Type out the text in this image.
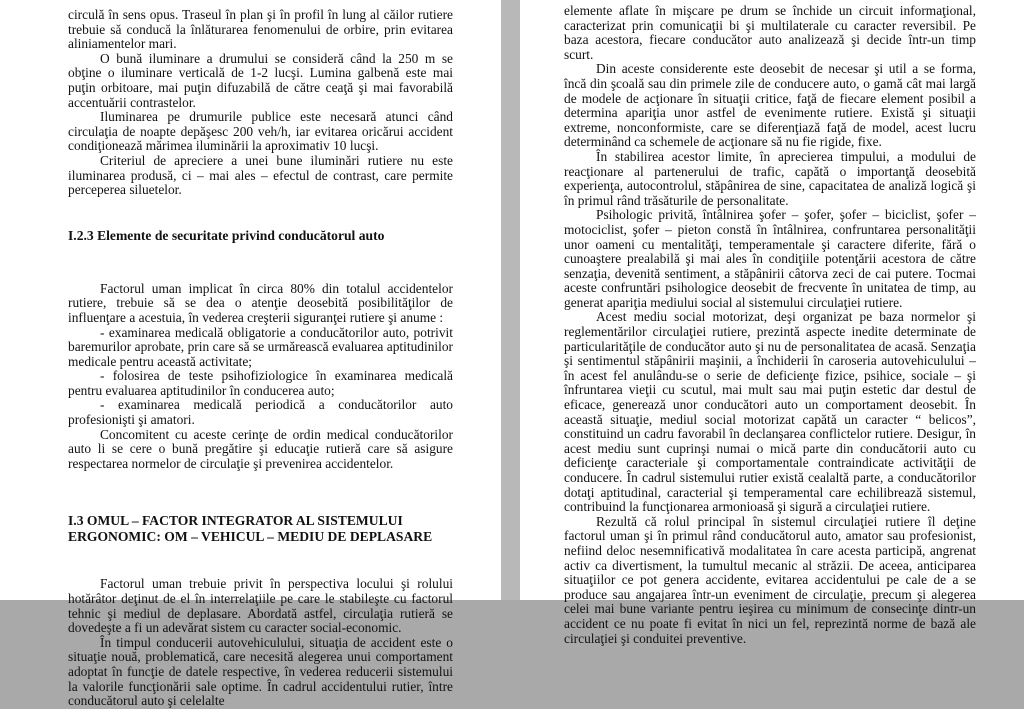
circulă în sens opus. Traseul în plan şi în profil în lung al căilor rutiere trebuie să conducă la înlăturarea fenomenului de orbire, prin evitarea aliniamentelor mari.

O bună iluminare a drumului se consideră când la 250 m se obţine o iluminare verticală de 1-2 lucşi. Lumina galbenă este mai puţin orbitoare, mai puţin difuzabilă de către ceaţă şi mai favorabilă accentuării contrastelor.

Iluminarea pe drumurile publice este necesară atunci când circulaţia de noapte depăşesc 200 veh/h, iar evitarea oricărui accident condiţionează mărimea iluminării la aproximativ 10 lucşi.

Criteriul de apreciere a unei bune iluminări rutiere nu este iluminarea produsă, ci – mai ales – efectul de contrast, care permite perceperea siluetelor.

I.2.3 Elemente de securitate privind conducătorul auto

Factorul uman implicat în circa 80% din totalul accidentelor rutiere, trebuie să se dea o atenţie deosebită posibilităţilor de influenţare a acestuia, în vederea creşterii siguranţei rutiere şi anume :

- examinarea medicală obligatorie a conducătorilor auto, potrivit baremurilor aprobate, prin care să se urmărească evaluarea aptitudinilor medicale pentru această activitate;

- folosirea de teste psihofiziologice în examinarea medicală pentru evaluarea aptitudinilor în conducerea auto;

- examinarea medicală periodică a conducătorilor auto profesionişti şi amatori.

Concomitent cu aceste cerinţe de ordin medical conducătorilor auto li se cere o bună pregătire şi educaţie rutieră care să asigure respectarea normelor de circulaţie şi prevenirea accidentelor.

I.3 OMUL – FACTOR INTEGRATOR AL SISTEMULUI ERGONOMIC: OM – VEHICUL – MEDIU DE DEPLASARE

Factorul uman trebuie privit în perspectiva locului şi rolului hotărâtor deţinut de el în interrelaţiile pe care le stabileşte cu factorul tehnic şi mediul de deplasare. Abordată astfel, circulaţia rutieră se dovedeşte a fi un adevărat sistem cu caracter social-economic.

În timpul conducerii autovehiculului, situaţia de accident este o situaţie nouă, problematică, care necesită alegerea unui comportament adoptat în funcţie de datele respective, în vederea reducerii sistemului la valorile funcţionării sale optime. În cadrul accidentului rutier, între conducătorul auto şi celelalte

elemente aflate în mişcare pe drum se închide un circuit informaţional, caracterizat prin comunicaţii bi şi multilaterale cu caracter reversibil. Pe baza acestora, fiecare conducător auto analizează şi decide într-un timp scurt.

Din aceste considerente este deosebit de necesar şi util a se forma, încă din şcoală sau din primele zile de conducere auto, o gamă cât mai largă de modele de acţionare în situaţii critice, faţă de fiecare element posibil a determina apariţia unor astfel de evenimente rutiere. Există şi situaţii extreme, nonconformiste, care se diferenţiază faţă de model, acest lucru determinând ca schemele de acţionare să nu fie rigide, fixe.

În stabilirea acestor limite, în aprecierea timpului, a modului de reacţionare al partenerului de trafic, capătă o importanţă deosebită experienţa, autocontrolul, stăpânirea de sine, capacitatea de analiză logică şi în primul rând trăsăturile de personalitate.

Psihologic privită, întâlnirea şofer – şofer, şofer – biciclist, şofer – motociclist, şofer – pieton constă în întâlnirea, confruntarea personalităţii unor oameni cu mentalităţi, temperamentale şi caractere diferite, fără o cunoaştere prealabilă şi mai ales în condiţiile potenţării acestora de către senzaţia, devenită sentiment, a stăpânirii câtorva zeci de cai putere. Tocmai aceste confruntări psihologice deosebit de frecvente în unitatea de timp, au generat apariţia mediului social al sistemului circulaţiei rutiere.

Acest mediu social motorizat, deşi organizat pe baza normelor şi reglementărilor circulaţiei rutiere, prezintă aspecte inedite determinate de particularităţile de conducător auto şi nu de personalitatea de acasă. Senzaţia şi sentimentul stăpânirii maşinii, a închiderii în caroseria autovehiculului – în acest fel anulându-se o serie de deficienţe fizice, psihice, sociale – şi înfruntarea vieţii cu scutul, mai mult sau mai puţin estetic dar destul de eficace, generează unor conducători auto un comportament deosebit. În această situaţie, mediul social motorizat capătă un caracter “ belicos”, constituind un cadru favorabil în declanşarea conflictelor rutiere. Desigur, în acest mediu sunt cuprinşi numai o mică parte din conducătorii auto cu deficienţe caracteriale şi comportamentale contraindicate activităţii de conducere. În cadrul sistemului rutier există cealaltă parte, a conducătorilor dotaţi aptitudinal, caracterial şi temperamental care echilibrează sistemul, contribuind la funcţionarea armonioasă şi sigură a circulaţiei rutiere.

Rezultă că rolul principal în sistemul circulaţiei rutiere îl deţine factorul uman şi în primul rând conducătorul auto, amator sau profesionist, nefiind deloc nesemnificativă modalitatea în care acesta participă, angrenat activ ca divertisment, la tumultul mecanic al străzii. De aceea, anticiparea situaţiilor ce pot genera accidente, evitarea accidentului pe cale de a se produce sau angajarea într-un eveniment de circulaţie, precum şi alegerea celei mai bune variante pentru ieşirea cu minimum de consecinţe dintr-un accident ce nu poate fi evitat în nici un fel, reprezintă norme de bază ale circulaţiei şi conduitei preventive.
